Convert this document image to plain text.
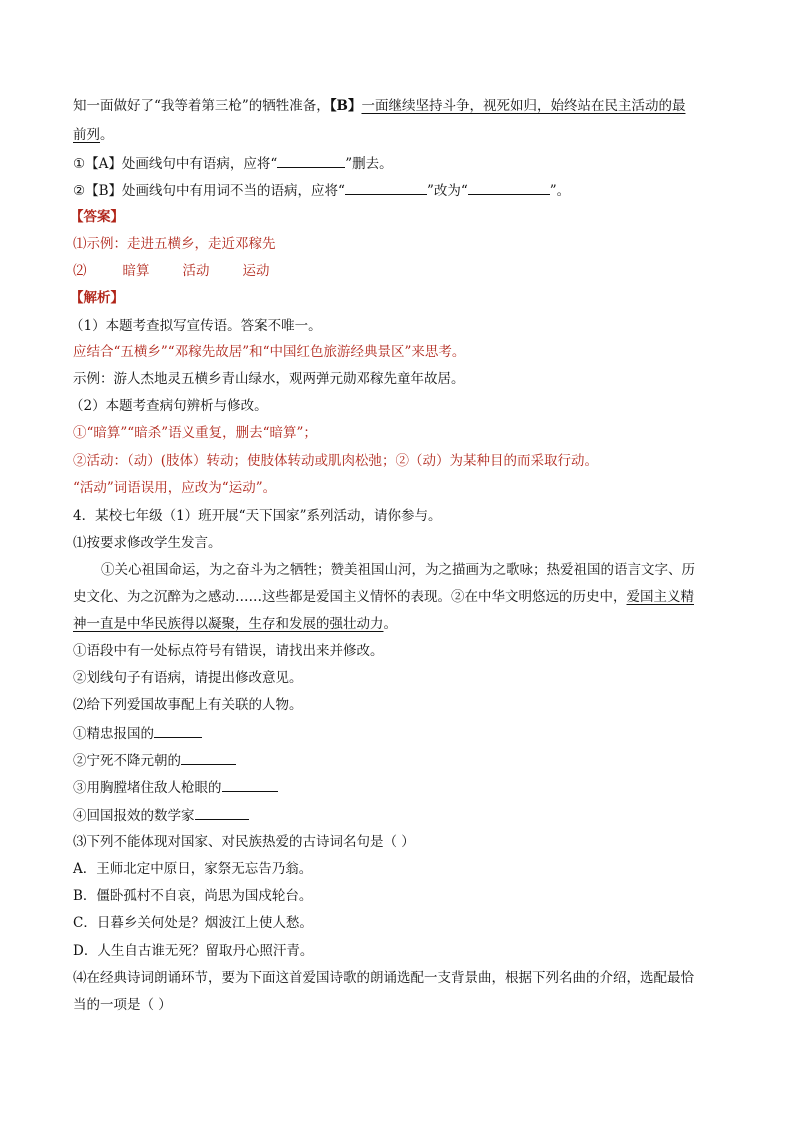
知一面做好了“我等着第三枪”的牺牲准备，【B】一面继续坚持斗争，视死如归，始终站在民主活动的最
前列。
①【A】处画线句中有语病，应将“	”删去。
②【B】处画线句中有用词不当的语病，应将“	”改为“	”。
【答案】
⑴示例：走进五横乡，走近邓稼先
⑵	暗算 活动 运动
【解析】
（1）本题考查拟写宣传语。答案不唯一。
应结合“五横乡”“邓稼先故居”和“中国红色旅游经典景区”来思考。
示例：游人杰地灵五横乡青山绿水，观两弹元勋邓稼先童年故居。
（2）本题考查病句辨析与修改。
①“暗算”“暗杀”语义重复，删去“暗算”；
②活动：（动）(肢体）转动；使肢体转动或肌肉松弛；②（动）为某种目的而采取行动。
“活动”词语误用，应改为“运动”。
4．某校七年级（1）班开展“天下国家”系列活动，请你参与。
⑴按要求修改学生发言。
①关心祖国命运，为之奋斗为之牺牲；赞美祖国山河，为之描画为之歌咏；热爱祖国的语言文字、历
史文化、为之沉醉为之感动……这些都是爱国主义情怀的表现。②在中华文明悠远的历史中，爱国主义精
神一直是中华民族得以凝聚，生存和发展的强壮动力。
①语段中有一处标点符号有错误，请找出来并修改。
②划线句子有语病，请提出修改意见。
⑵给下列爱国故事配上有关联的人物。
①精忠报国的
②宁死不降元朝的
③用胸膛堵住敌人枪眼的
④回国报效的数学家
⑶下列不能体现对国家、对民族热爱的古诗词名句是（ ）
A．王师北定中原日，家祭无忘告乃翁。
B．僵卧孤村不自哀，尚思为国戍轮台。
C．日暮乡关何处是？烟波江上使人愁。
D．人生自古谁无死？留取丹心照汗青。
⑷在经典诗词朗诵环节，要为下面这首爱国诗歌的朗诵选配一支背景曲，根据下列名曲的介绍，选配最恰
当的一项是（ ）
